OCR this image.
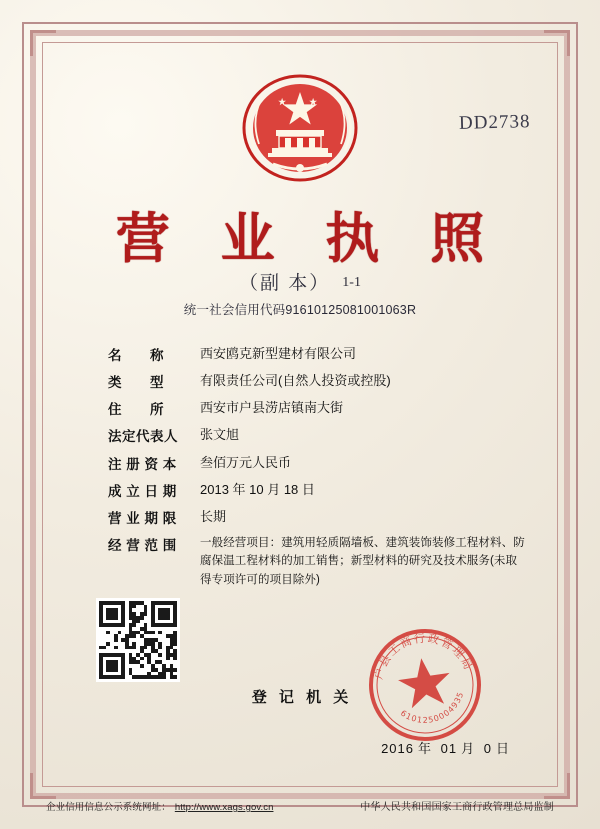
DD2738
营 业 执 照
（副 本） 1-1
统一社会信用代码91610125081001063R
名　　称	西安鸥克新型建材有限公司
类　　型	有限责任公司(自然人投资或控股)
住　　所	西安市户县涝店镇南大街
法定代表人	张文旭
注 册 资 本	叁佰万元人民币
成 立 日 期	2013 年 10 月 18 日
营 业 期 限	长期
经 营 范 围	一般经营项目：建筑用轻质隔墙板、建筑装饰装修工程材料、防腐保温工程材料的加工销售；新型材料的研究及技术服务(未取得专项许可的项目除外)
登 记 机 关
户县工商行政管理局
6101250004935
2016 年 01 月 0 日
企业信用信息公示系统网址： http://www.xags.gov.cn	中华人民共和国国家工商行政管理总局监制
